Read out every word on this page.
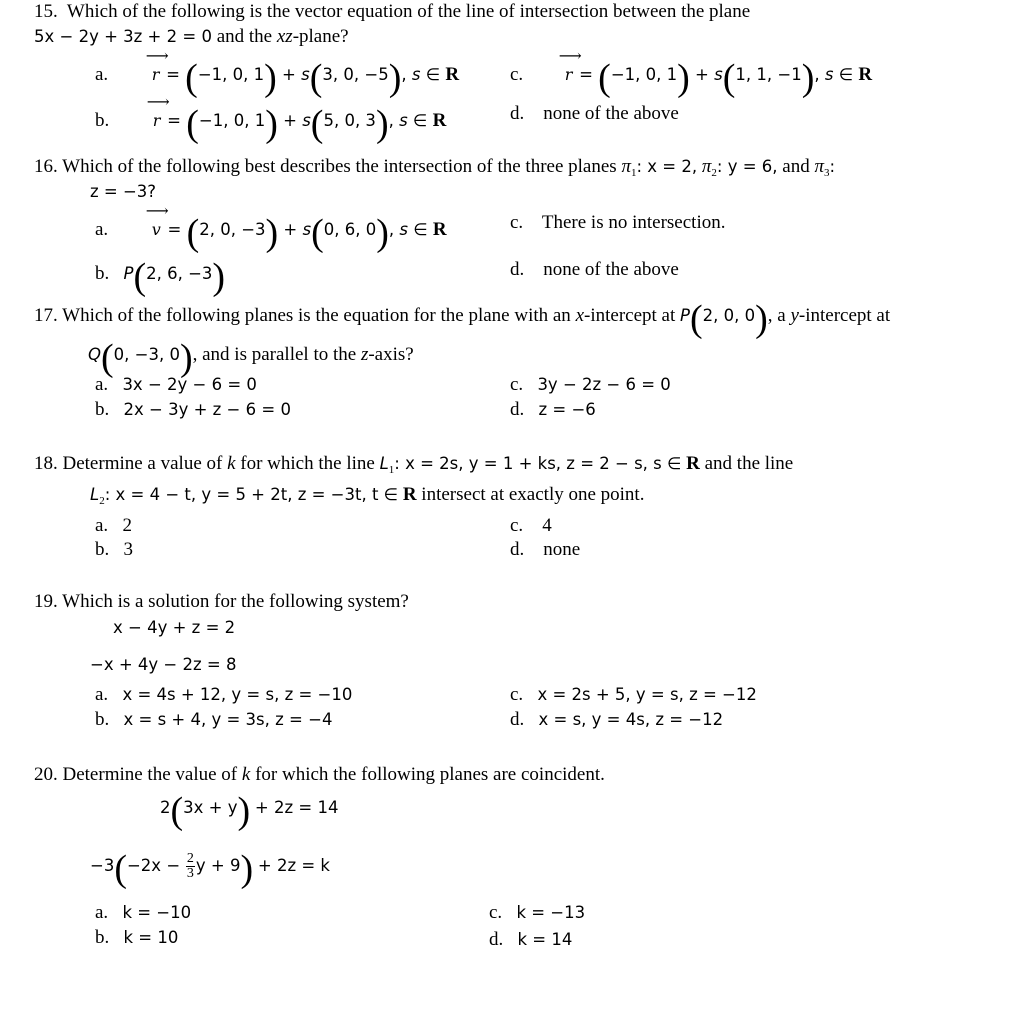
15. Which of the following is the vector equation of the line of intersection between the plane
5x − 2y + 3z + 2 = 0 and the xz-plane?
a.	⟶ r = (−1, 0, 1) + s(3, 0, −5), s ∈ R	c.	⟶ r = (−1, 0, 1) + s(1, 1, −1), s ∈ R
b.	⟶ r = (−1, 0, 1) + s(5, 0, 3), s ∈ R	d. none of the above
16. Which of the following best describes the intersection of the three planes $\pi_1$: x = 2, $\pi_2$: y = 6, and $\pi_3$:
z = −3?
a.	⟶ v = (2, 0, −3) + s(0, 6, 0), s ∈ R	c. There is no intersection.
b. P(2, 6, −3)	d. none of the above
17. Which of the following planes is the equation for the plane with an x-intercept at P(2, 0, 0), a y-intercept at
Q(0, −3, 0), and is parallel to the z-axis?
a. 3x − 2y − 6 = 0	c. 3y − 2z − 6 = 0
b. 2x − 3y + z − 6 = 0	d. z = −6
18. Determine a value of k for which the line $L_1$: x = 2s, y = 1 + ks, z = 2 − s, s ∈ R and the line
$L_2$: x = 4 − t, y = 5 + 2t, z = −3t, t ∈ R intersect at exactly one point.
a. 2	c. 4
b. 3	d. none
19. Which is a solution for the following system?
x − 4y + z = 2
−x + 4y − 2z = 8
a. x = 4s + 12, y = s, z = −10	c. x = 2s + 5, y = s, z = −12
b. x = s + 4, y = 3s, z = −4	d. x = s, y = 4s, z = −12
20. Determine the value of k for which the following planes are coincident.
2(3x + y) + 2z = 14
$-3(-2x - \frac{2}{3}$ y + 9) + 2z = k
a. k = −10	c. k = −13
b. k = 10	d. k = 14
